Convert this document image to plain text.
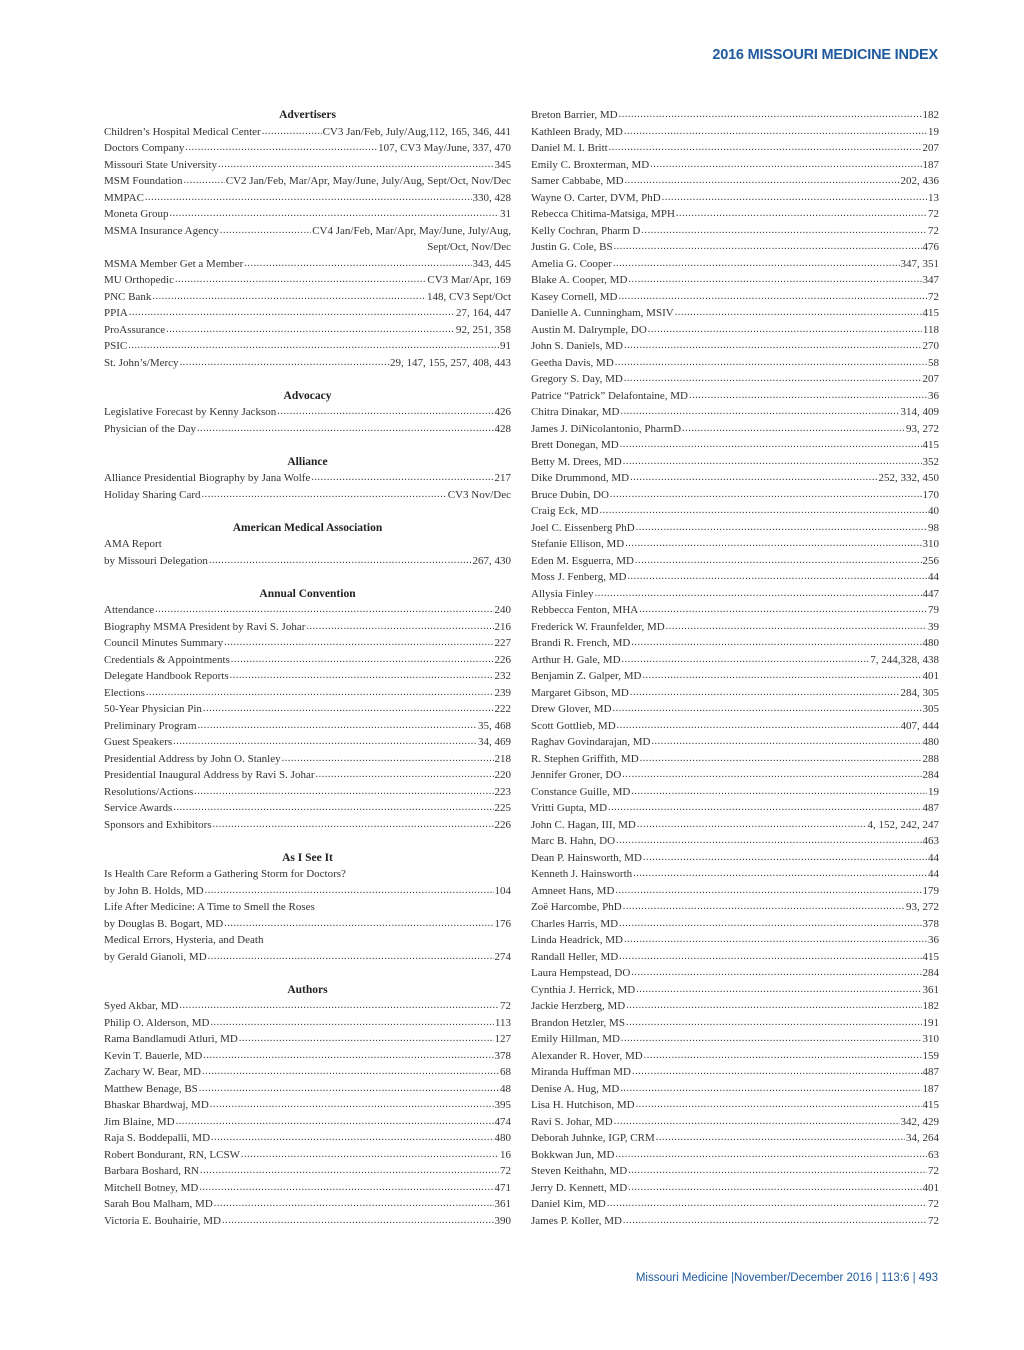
2016 MISSOURI MEDICINE INDEX
Advertisers
Children’s Hospital Medical Center .....	CV3 Jan/Feb, July/Aug,112, 165, 346, 441
Doctors Company .....	107, CV3 May/June, 337, 470
Missouri State University .....	345
MSM Foundation .....	CV2 Jan/Feb, Mar/Apr, May/June, July/Aug, Sept/Oct, Nov/Dec
MMPAC .....	330, 428
Moneta Group .....	31
MSMA Insurance Agency .....	CV4 Jan/Feb, Mar/Apr, May/June, July/Aug,
Sept/Oct, Nov/Dec
MSMA Member Get a Member .....	343, 445
MU Orthopedic .....	CV3 Mar/Apr, 169
PNC Bank .....	148, CV3 Sept/Oct
PPIA .....	27, 164, 447
ProAssurance .....	92, 251, 358
PSIC .....	91
St. John’s/Mercy .....	29, 147, 155, 257, 408, 443
Advocacy
Legislative Forecast by Kenny Jackson .....	426
Physician of the Day .....	428
Alliance
Alliance Presidential Biography by Jana Wolfe .....	217
Holiday Sharing Card .....	CV3 Nov/Dec
American Medical Association
AMA Report
by Missouri Delegation .....	267, 430
Annual Convention
Attendance .....	240
Biography MSMA President by Ravi S. Johar .....	216
Council Minutes Summary .....	227
Credentials & Appointments .....	226
Delegate Handbook Reports .....	232
Elections .....	239
50-Year Physician Pin .....	222
Preliminary Program .....	35, 468
Guest Speakers .....	34, 469
Presidential Address by John O. Stanley .....	218
Presidential Inaugural Address by Ravi S. Johar .....	220
Resolutions/Actions .....	223
Service Awards .....	225
Sponsors and Exhibitors .....	226
As I See It
Is Health Care Reform a Gathering Storm for Doctors?
by John B. Holds, MD .....	104
Life After Medicine: A Time to Smell the Roses
by Douglas B. Bogart, MD .....	176
Medical Errors, Hysteria, and Death
by Gerald Gianoli, MD .....	274
Authors
Syed Akbar, MD .....	72
Philip O. Alderson, MD .....	113
Rama Bandlamudi Atluri, MD .....	127
Kevin T. Bauerle, MD .....	378
Zachary W. Bear, MD .....	68
Matthew Benage, BS .....	48
Bhaskar Bhardwaj, MD .....	395
Jim Blaine, MD .....	474
Raja S. Boddepalli, MD .....	480
Robert Bondurant, RN, LCSW .....	16
Barbara Boshard, RN .....	72
Mitchell Botney, MD .....	471
Sarah Bou Malham, MD .....	361
Victoria E. Bouhairie, MD .....	390
Breton Barrier, MD .....	182
Kathleen Brady, MD .....	19
Daniel M. I. Britt .....	207
Emily C. Broxterman, MD .....	187
Samer Cabbabe, MD .....	202, 436
Wayne O. Carter, DVM, PhD .....	13
Rebecca Chitima-Matsiga, MPH .....	72
Kelly Cochran, Pharm D .....	72
Justin G. Cole, BS .....	476
Amelia G. Cooper .....	347, 351
Blake A. Cooper, MD .....	347
Kasey Cornell, MD .....	72
Danielle A. Cunningham, MSIV .....	415
Austin M. Dalrymple, DO .....	118
John S. Daniels, MD .....	270
Geetha Davis, MD .....	58
Gregory S. Day, MD .....	207
Patrice “Patrick” Delafontaine, MD .....	36
Chitra Dinakar, MD .....	314, 409
James J. DiNicolantonio, PharmD .....	93, 272
Brett Donegan, MD .....	415
Betty M. Drees, MD .....	352
Dike Drummond, MD .....	252, 332, 450
Bruce Dubin, DO .....	170
Craig Eck, MD .....	40
Joel C. Eissenberg PhD .....	98
Stefanie Ellison, MD .....	310
Eden M. Esguerra, MD .....	256
Moss J. Fenberg, MD .....	44
Allysia Finley .....	447
Rebbecca Fenton, MHA .....	79
Frederick W. Fraunfelder, MD .....	39
Brandi R. French, MD .....	480
Arthur H. Gale, MD .....	7, 244,328, 438
Benjamin Z. Galper, MD .....	401
Margaret Gibson, MD .....	284, 305
Drew Glover, MD .....	305
Scott Gottlieb, MD .....	407, 444
Raghav Govindarajan, MD .....	480
R. Stephen Griffith, MD .....	288
Jennifer Groner, DO .....	284
Constance Guille, MD .....	19
Vritti Gupta, MD .....	487
John C. Hagan, III, MD .....	4, 152, 242, 247
Marc B. Hahn, DO .....	463
Dean P. Hainsworth, MD .....	44
Kenneth J. Hainsworth .....	44
Amneet Hans, MD .....	179
Zoë Harcombe, PhD .....	93, 272
Charles Harris, MD .....	378
Linda Headrick, MD .....	36
Randall Heller, MD .....	415
Laura Hempstead, DO .....	284
Cynthia J. Herrick, MD .....	361
Jackie Herzberg, MD .....	182
Brandon Hetzler, MS .....	191
Emily Hillman, MD .....	310
Alexander R. Hover, MD .....	159
Miranda Huffman MD .....	487
Denise A. Hug, MD .....	187
Lisa H. Hutchison, MD .....	415
Ravi S. Johar, MD .....	342, 429
Deborah Juhnke, IGP, CRM .....	34, 264
Bokkwan Jun, MD .....	63
Steven Keithahn, MD .....	72
Jerry D. Kennett, MD .....	401
Daniel Kim, MD .....	72
James P. Koller, MD .....	72
Missouri Medicine |November/December 2016 | 113:6 | 493
